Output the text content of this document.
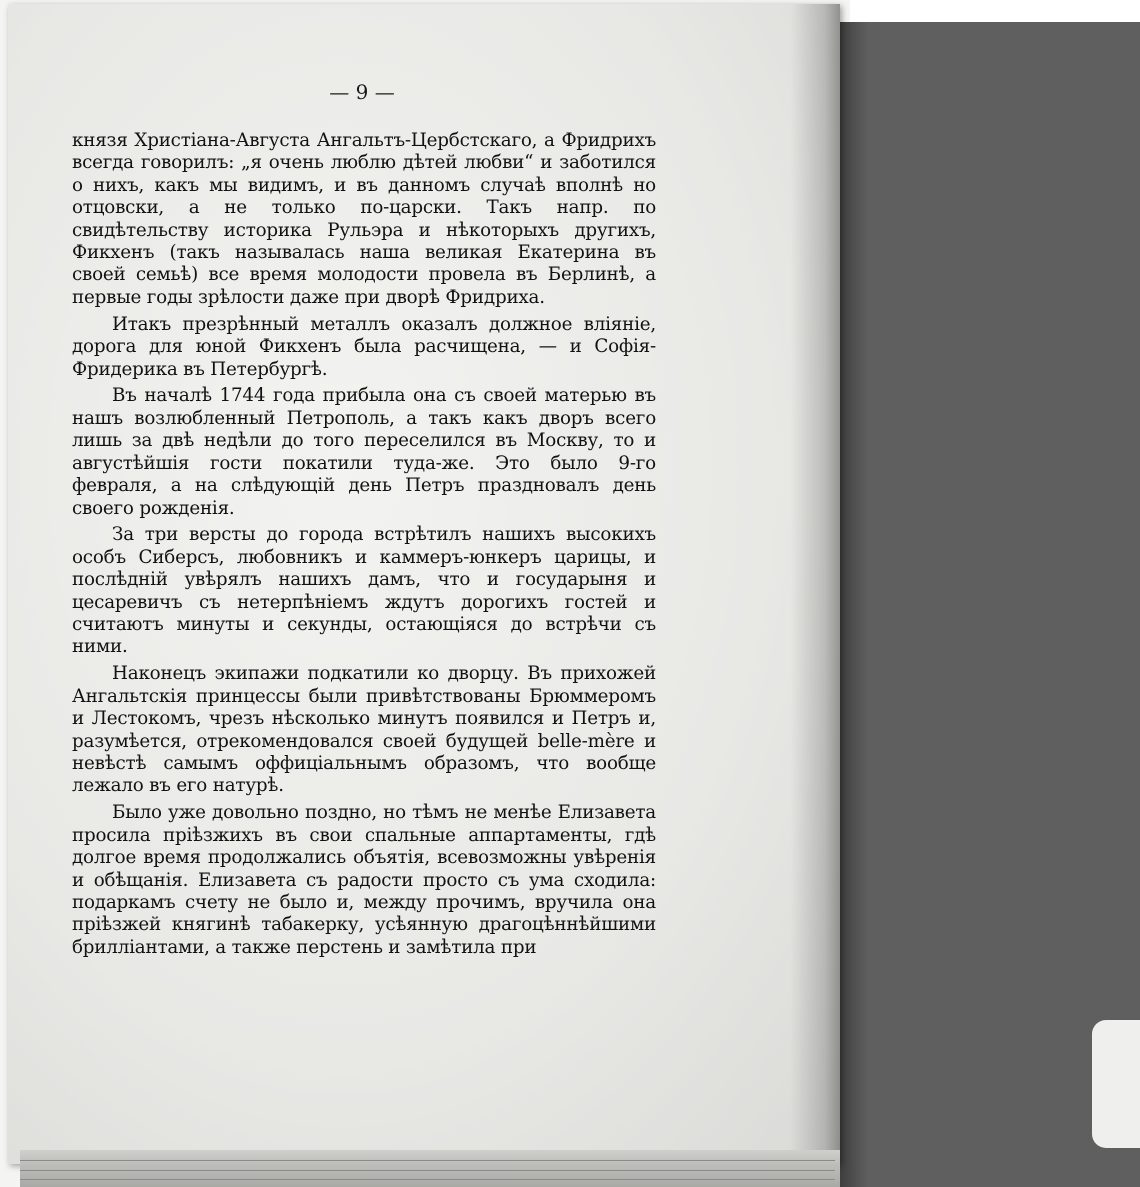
— 9 —

князя Христiана-Августа Ангальтъ-Цербстскаго, а Фридрихъ всегда говорилъ: „я очень люблю дѣтей любви“ и заботился о нихъ, какъ мы видимъ, и въ данномъ случаѣ вполнѣ но отцовски, а не только по-царски. Такъ напр. по свидѣтельству историка Рульэра и нѣкоторыхъ другихъ, Фикхенъ (такъ называлась наша великая Екатерина въ своей семьѣ) все время молодости провела въ Берлинѣ, а первые годы зрѣлости даже при дворѣ Фридриха.

Итакъ презрѣнный металлъ оказалъ должное влiянiе, дорога для юной Фикхенъ была расчищена, — и Софiя-Фридерика въ Петербургѣ.

Въ началѣ 1744 года прибыла она съ своей матерью въ нашъ возлюбленный Петрополь, а такъ какъ дворъ всего лишь за двѣ недѣли до того переселился въ Москву, то и августѣйшiя гости покатили туда-же. Это было 9-го февраля, а на слѣдующiй день Петръ праздновалъ день своего рожденiя.

За три версты до города встрѣтилъ нашихъ высокихъ особъ Сиберсъ, любовникъ и каммеръ-юнкеръ царицы, и послѣднiй увѣрялъ нашихъ дамъ, что и государыня и цесаревичъ съ нетерпѣнiемъ ждутъ дорогихъ гостей и считаютъ минуты и секунды, остающiяся до встрѣчи съ ними.

Наконецъ экипажи подкатили ко дворцу. Въ прихожей Ангальтскiя принцессы были привѣтствованы Брюммеромъ и Лестокомъ, чрезъ нѣсколько минутъ появился и Петръ и, разумѣется, отрекомендовался своей будущей belle-mère и невѣстѣ самымъ оффицiальнымъ образомъ, что вообще лежало въ его натурѣ.

Было уже довольно поздно, но тѣмъ не менѣе Елизавета просила прiѣзжихъ въ свои спальные аппартаменты, гдѣ долгое время продолжались объятiя, всевозможны увѣренiя и обѣщанiя. Елизавета съ радости просто съ ума сходила: подаркамъ счету не было и, между прочимъ, вручила она прiѣзжей княгинѣ табакерку, усѣянную драгоцѣннѣйшими брилліантами, а также перстень и замѣтила при
